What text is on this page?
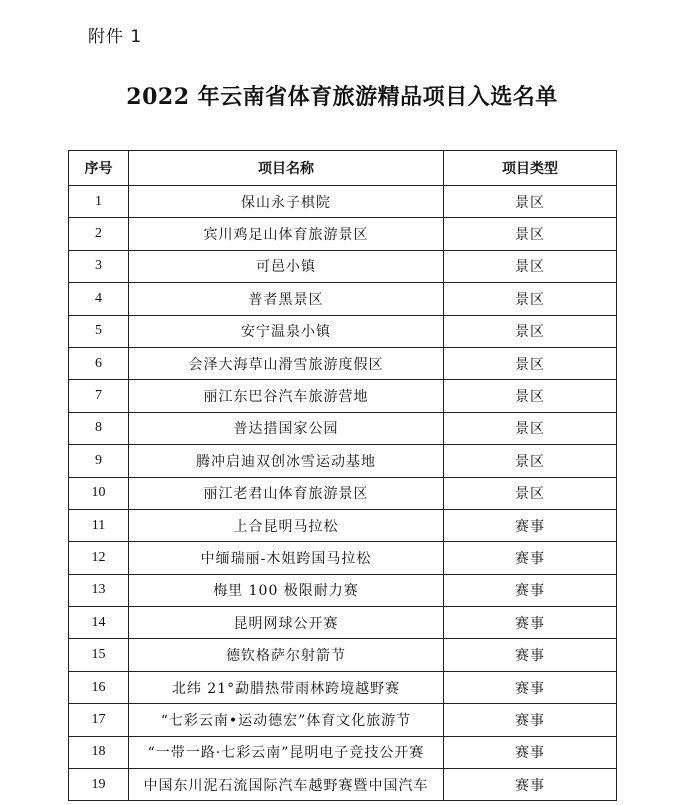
附件 1
2022 年云南省体育旅游精品项目入选名单
序号	项目名称	项目类型
1	保山永子棋院	景区
2	宾川鸡足山体育旅游景区	景区
3	可邑小镇	景区
4	普者黑景区	景区
5	安宁温泉小镇	景区
6	会泽大海草山滑雪旅游度假区	景区
7	丽江东巴谷汽车旅游营地	景区
8	普达措国家公园	景区
9	腾冲启迪双创冰雪运动基地	景区
10	丽江老君山体育旅游景区	景区
11	上合昆明马拉松	赛事
12	中缅瑞丽-木姐跨国马拉松	赛事
13	梅里 100 极限耐力赛	赛事
14	昆明网球公开赛	赛事
15	德钦格萨尔射箭节	赛事
16	北纬 21°勐腊热带雨林跨境越野赛	赛事
17	“七彩云南•运动德宏”体育文化旅游节	赛事
18	“一带一路·七彩云南”昆明电子竞技公开赛	赛事
19	中国东川泥石流国际汽车越野赛暨中国汽车	赛事
